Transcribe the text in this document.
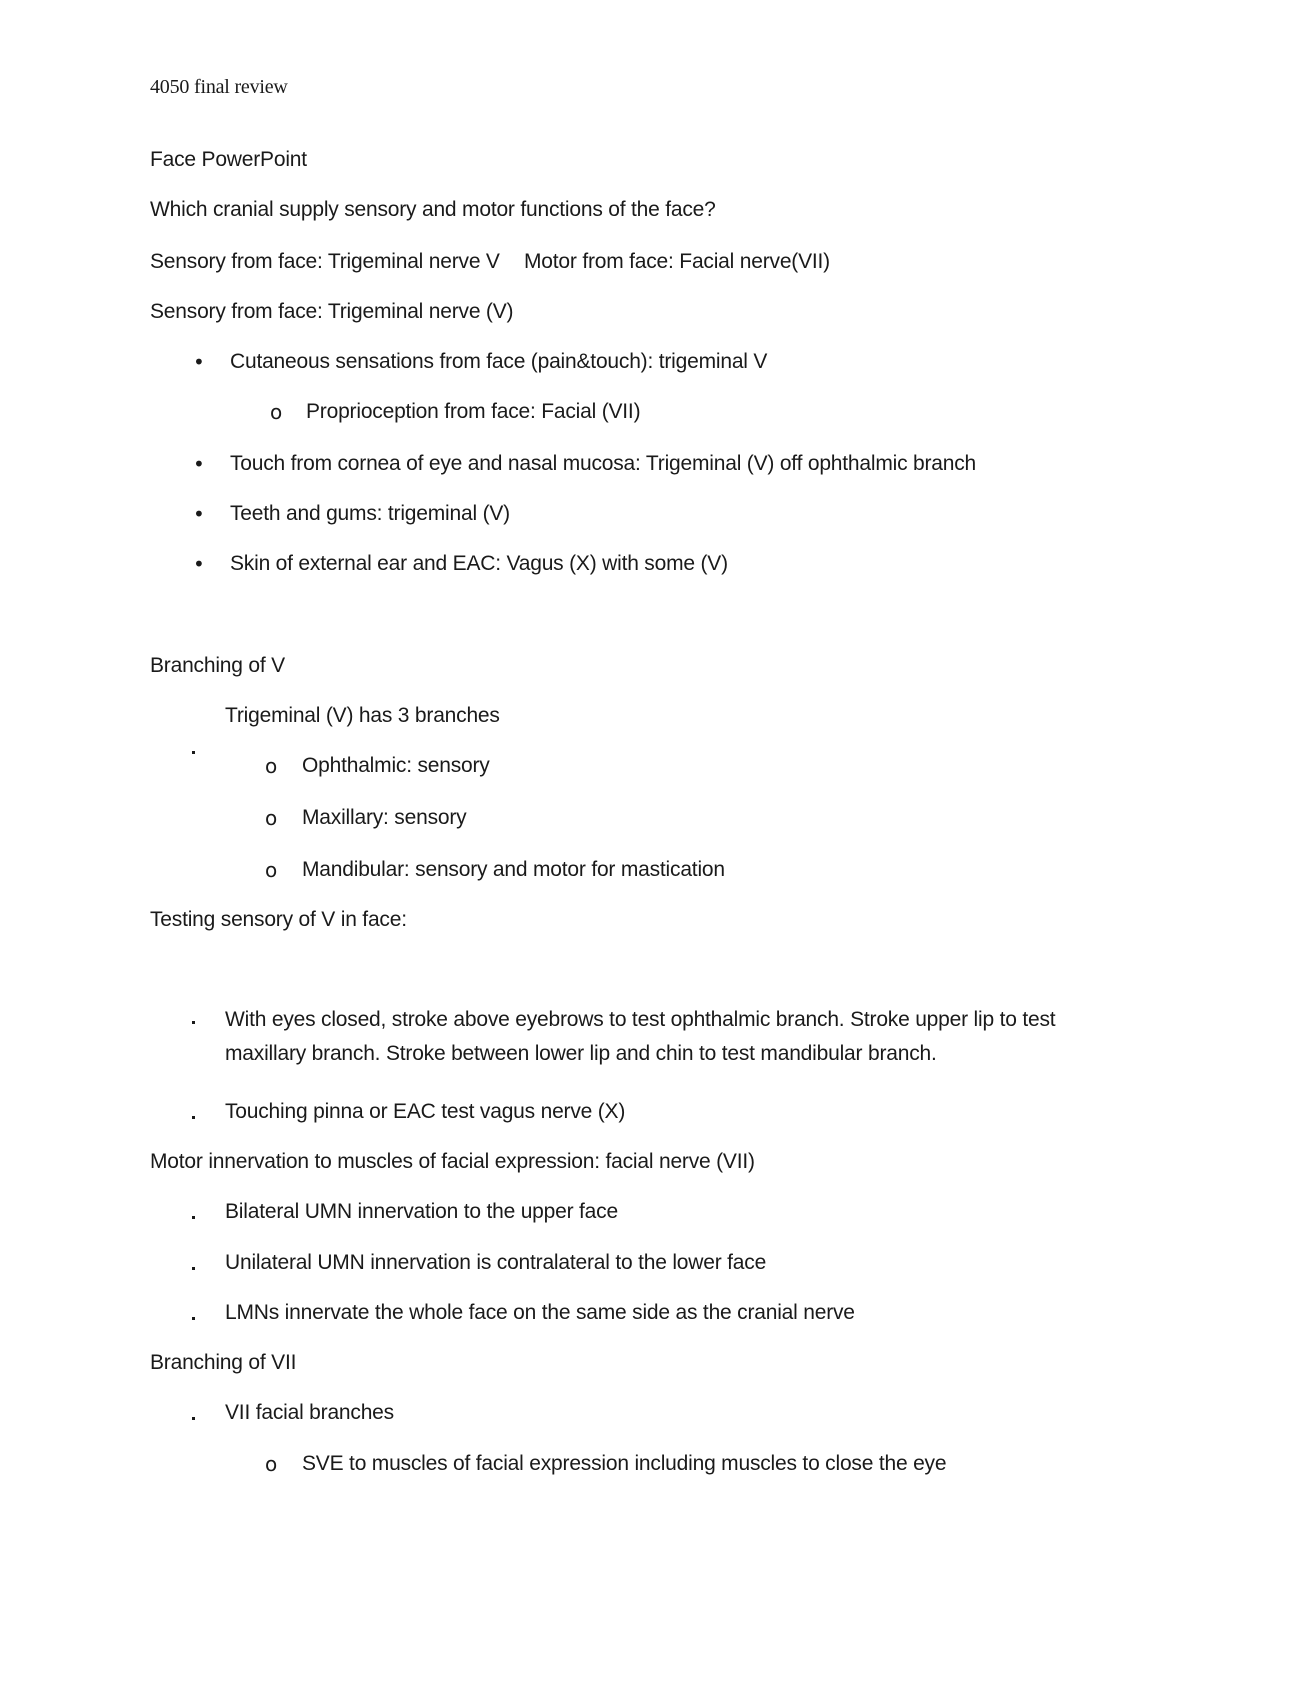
4050 final review
Face PowerPoint
Which cranial supply sensory and motor functions of the face?
Sensory from face: Trigeminal nerve V Motor from face: Facial nerve(VII)
Sensory from face: Trigeminal nerve (V)
• Cutaneous sensations from face (pain&touch): trigeminal V
o Proprioception from face: Facial (VII)
• Touch from cornea of eye and nasal mucosa: Trigeminal (V) off ophthalmic branch
• Teeth and gums: trigeminal (V)
• Skin of external ear and EAC: Vagus (X) with some (V)
Branching of V
Trigeminal (V) has 3 branches
o Ophthalmic: sensory
o Maxillary: sensory
o Mandibular: sensory and motor for mastication
Testing sensory of V in face:
With eyes closed, stroke above eyebrows to test ophthalmic branch. Stroke upper lip to test maxillary branch. Stroke between lower lip and chin to test mandibular branch.
Touching pinna or EAC test vagus nerve (X)
Motor innervation to muscles of facial expression: facial nerve (VII)
Bilateral UMN innervation to the upper face
Unilateral UMN innervation is contralateral to the lower face
LMNs innervate the whole face on the same side as the cranial nerve
Branching of VII
VII facial branches
o SVE to muscles of facial expression including muscles to close the eye
